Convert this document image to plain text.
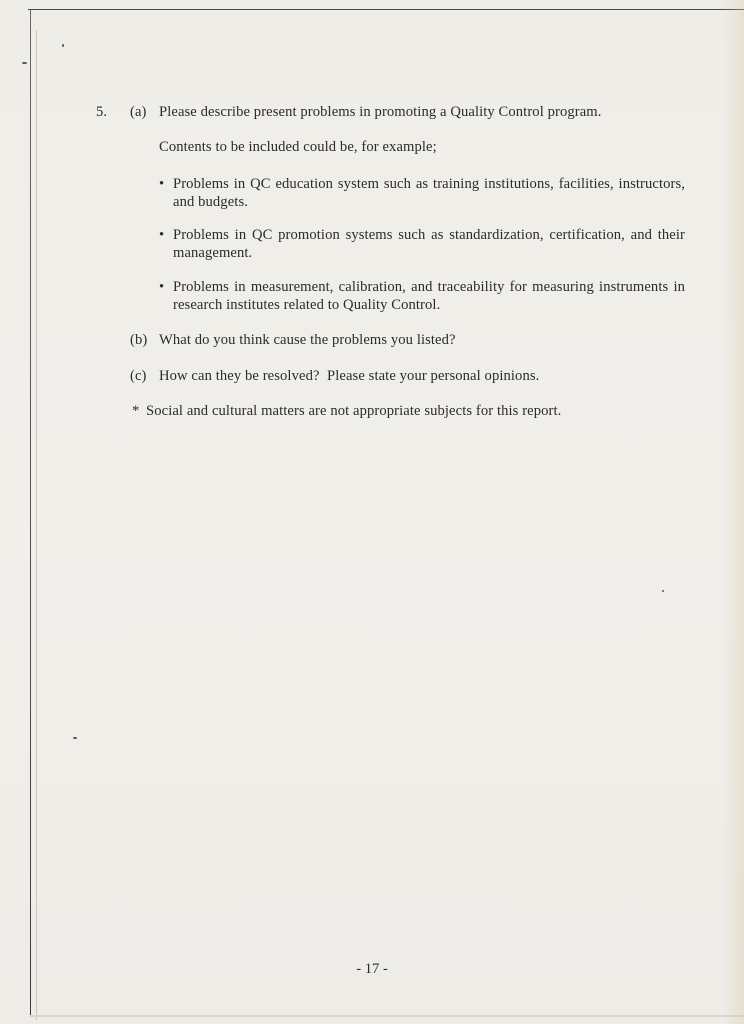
5. (a) Please describe present problems in promoting a Quality Control program.
Contents to be included could be, for example;
• Problems in QC education system such as training institutions, facilities, instructors, and budgets.
• Problems in QC promotion systems such as standardization, certification, and their management.
• Problems in measurement, calibration, and traceability for measuring instruments in research institutes related to Quality Control.
(b) What do you think cause the problems you listed?
(c) How can they be resolved?  Please state your personal opinions.
* Social and cultural matters are not appropriate subjects for this report.
- 17 -
